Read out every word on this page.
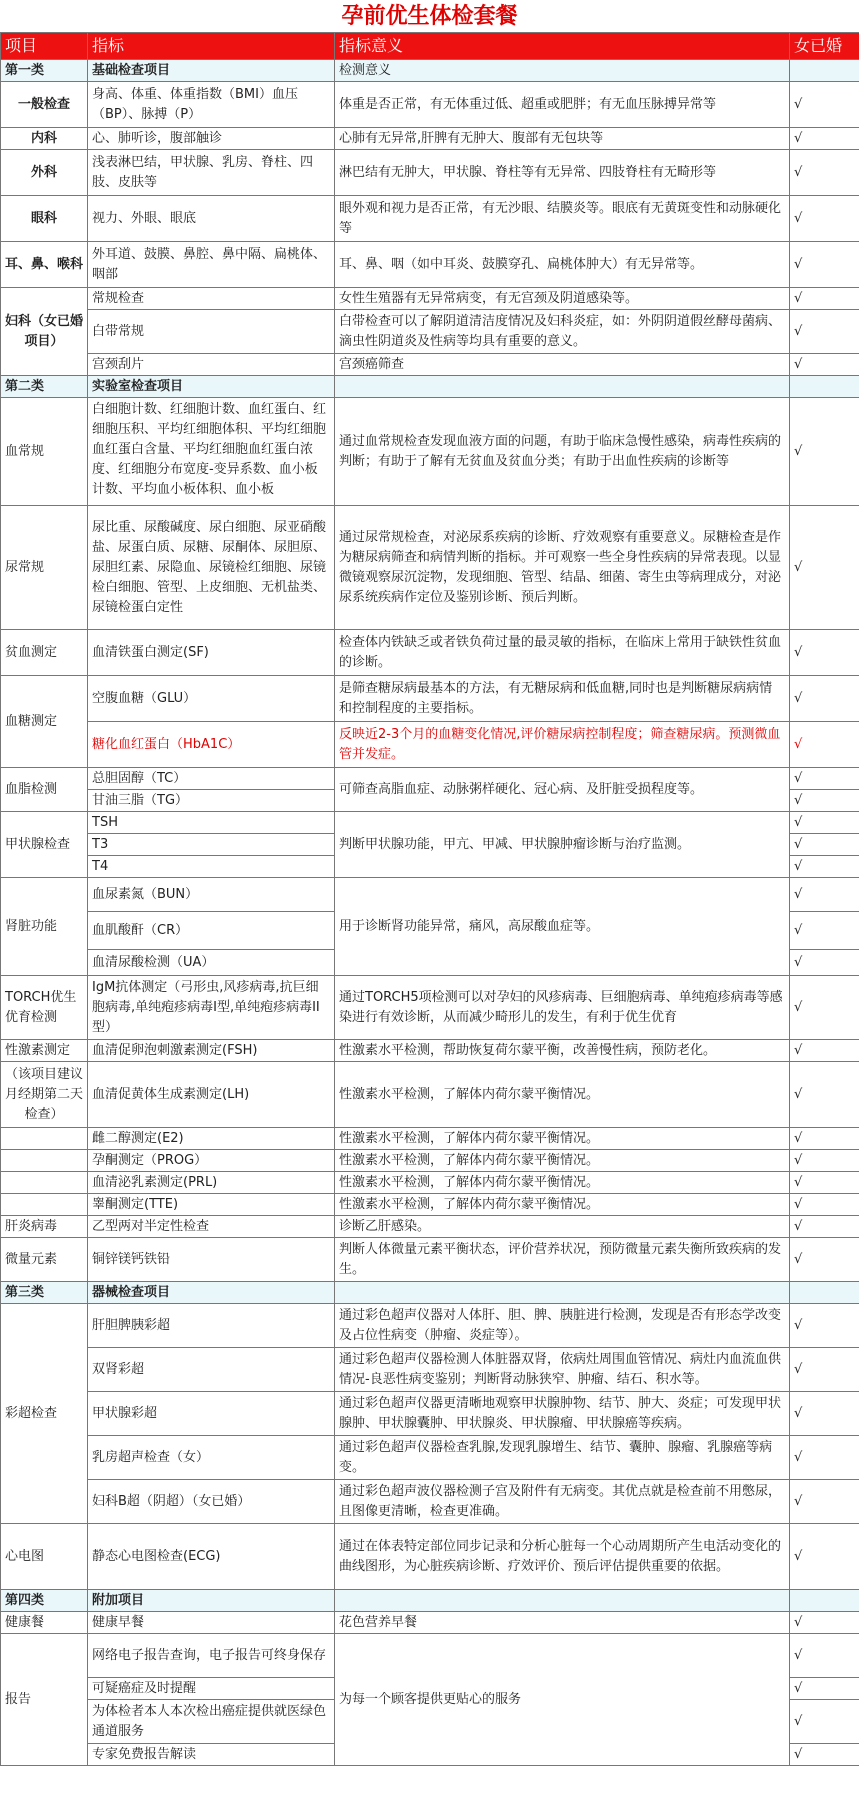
孕前优生体检套餐
项目	指标	指标意义	女已婚
第一类	基础检查项目	检测意义	
一般检查	身高、体重、体重指数（BMI）血压（BP）、脉搏（P）	体重是否正常，有无体重过低、超重或肥胖；有无血压脉搏异常等	√
内科	心、肺听诊，腹部触诊	心肺有无异常,肝脾有无肿大、腹部有无包块等	√
外科	浅表淋巴结，甲状腺、乳房、脊柱、四肢、皮肤等	淋巴结有无肿大，甲状腺、脊柱等有无异常、四肢脊柱有无畸形等	√
眼科	视力、外眼、眼底	眼外观和视力是否正常，有无沙眼、结膜炎等。眼底有无黄斑变性和动脉硬化等	√
耳、鼻、喉科	外耳道、鼓膜、鼻腔、鼻中隔、扁桃体、咽部	耳、鼻、咽（如中耳炎、鼓膜穿孔、扁桃体肿大）有无异常等。	√
妇科（女已婚项目）	常规检查	女性生殖器有无异常病变，有无宫颈及阴道感染等。	√
	白带常规	白带检查可以了解阴道清洁度情况及妇科炎症，如：外阴阴道假丝酵母菌病、滴虫性阴道炎及性病等均具有重要的意义。	√
	宫颈刮片	宫颈癌筛查	√
第二类	实验室检查项目		
血常规	白细胞计数、红细胞计数、血红蛋白、红细胞压积、平均红细胞体积、平均红细胞血红蛋白含量、平均红细胞血红蛋白浓度、红细胞分布宽度-变异系数、血小板计数、平均血小板体积、血小板	通过血常规检查发现血液方面的问题，有助于临床急慢性感染，病毒性疾病的判断；有助于了解有无贫血及贫血分类；有助于出血性疾病的诊断等	√
尿常规	尿比重、尿酸碱度、尿白细胞、尿亚硝酸盐、尿蛋白质、尿糖、尿酮体、尿胆原、尿胆红素、尿隐血、尿镜检红细胞、尿镜检白细胞、管型、上皮细胞、无机盐类、尿镜检蛋白定性	通过尿常规检查，对泌尿系疾病的诊断、疗效观察有重要意义。尿糖检查是作为糖尿病筛查和病情判断的指标。并可观察一些全身性疾病的异常表现。以显微镜观察尿沉淀物，发现细胞、管型、结晶、细菌、寄生虫等病理成分，对泌尿系统疾病作定位及鉴别诊断、预后判断。	√
贫血测定	血清铁蛋白测定(SF)	检查体内铁缺乏或者铁负荷过量的最灵敏的指标，在临床上常用于缺铁性贫血的诊断。	√
血糖测定	空腹血糖（GLU）	是筛查糖尿病最基本的方法，有无糖尿病和低血糖,同时也是判断糖尿病病情和控制程度的主要指标。	√
	糖化血红蛋白（HbA1C）	反映近2-3个月的血糖变化情况,评价糖尿病控制程度；筛查糖尿病。预测微血管并发症。	√
血脂检测	总胆固醇（TC）	可筛查高脂血症、动脉粥样硬化、冠心病、及肝脏受损程度等。	√
	甘油三脂（TG）		√
甲状腺检查	TSH	判断甲状腺功能，甲亢、甲减、甲状腺肿瘤诊断与治疗监测。	√
	T3		√
	T4		√
肾脏功能	血尿素氮（BUN）	用于诊断肾功能异常，痛风，高尿酸血症等。	√
	血肌酸酐（CR）		√
	血清尿酸检测（UA）		√
TORCH优生优育检测	IgM抗体测定（弓形虫,风疹病毒,抗巨细胞病毒,单纯疱疹病毒I型,单纯疱疹病毒II型）	通过TORCH5项检测可以对孕妇的风疹病毒、巨细胞病毒、单纯疱疹病毒等感染进行有效诊断，从而减少畸形儿的发生，有利于优生优育	√
性激素测定	血清促卵泡刺激素测定(FSH)	性激素水平检测，帮助恢复荷尔蒙平衡，改善慢性病，预防老化。	√
（该项目建议月经期第二天检查）	血清促黄体生成素测定(LH)	性激素水平检测，了解体内荷尔蒙平衡情况。	√
	雌二醇测定(E2)	性激素水平检测，了解体内荷尔蒙平衡情况。	√
	孕酮测定（PROG）	性激素水平检测，了解体内荷尔蒙平衡情况。	√
	血清泌乳素测定(PRL)	性激素水平检测，了解体内荷尔蒙平衡情况。	√
	睾酮测定(TTE)	性激素水平检测，了解体内荷尔蒙平衡情况。	√
肝炎病毒	乙型两对半定性检查	诊断乙肝感染。	√
微量元素	铜锌镁钙铁铅	判断人体微量元素平衡状态，评价营养状况，预防微量元素失衡所致疾病的发生。	√
第三类	器械检查项目		
彩超检查	肝胆脾胰彩超	通过彩色超声仪器对人体肝、胆、脾、胰脏进行检测，发现是否有形态学改变及占位性病变（肿瘤、炎症等）。	√
	双肾彩超	通过彩色超声仪器检测人体脏器双肾，依病灶周围血管情况、病灶内血流血供情况-良恶性病变鉴别；判断肾动脉狭窄、肿瘤、结石、积水等。	√
	甲状腺彩超	通过彩色超声仪器更清晰地观察甲状腺肿物、结节、肿大、炎症；可发现甲状腺肿、甲状腺囊肿、甲状腺炎、甲状腺瘤、甲状腺癌等疾病。	√
	乳房超声检查（女）	通过彩色超声仪器检查乳腺,发现乳腺增生、结节、囊肿、腺瘤、乳腺癌等病变。	√
	妇科B超（阴超）（女已婚）	通过彩色超声波仪器检测子宫及附件有无病变。其优点就是检查前不用憋尿，且图像更清晰，检查更准确。	√
心电图	静态心电图检查(ECG)	通过在体表特定部位同步记录和分析心脏每一个心动周期所产生电活动变化的曲线图形，为心脏疾病诊断、疗效评价、预后评估提供重要的依据。	√
第四类	附加项目		
健康餐	健康早餐	花色营养早餐	√
报告	网络电子报告查询，电子报告可终身保存	为每一个顾客提供更贴心的服务	√
	可疑癌症及时提醒		√
	为体检者本人本次检出癌症提供就医绿色通道服务		√
	专家免费报告解读		√
